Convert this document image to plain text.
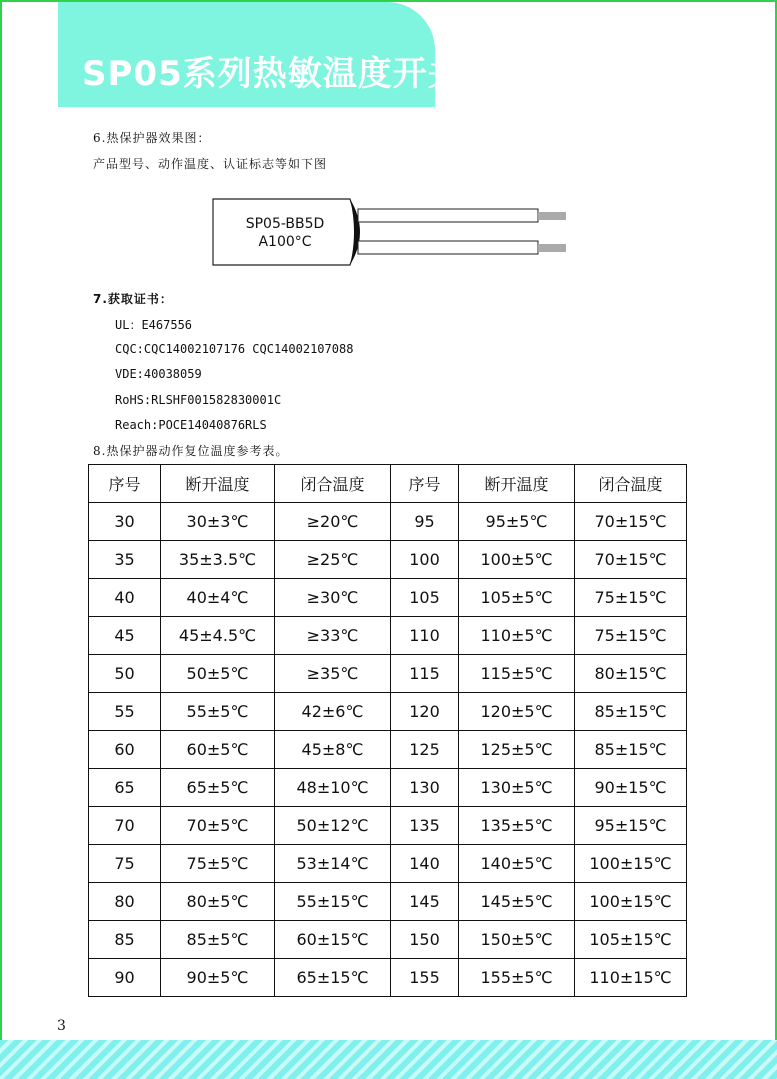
SP05系列热敏温度开关

6.热保护器效果图：

产品型号、动作温度、认证标志等如下图

SP05-BB5D
A100°C

7.获取证书：

UL：E467556

CQC:CQC14002107176 CQC14002107088

VDE:40038059

RoHS:RLSHF001582830001C

Reach:POCE14040876RLS

8.热保护器动作复位温度参考表。

序号	断开温度	闭合温度	序号	断开温度	闭合温度
30	30±3℃	≥20℃	95	95±5℃	70±15℃
35	35±3.5℃	≥25℃	100	100±5℃	70±15℃
40	40±4℃	≥30℃	105	105±5℃	75±15℃
45	45±4.5℃	≥33℃	110	110±5℃	75±15℃
50	50±5℃	≥35℃	115	115±5℃	80±15℃
55	55±5℃	42±6℃	120	120±5℃	85±15℃
60	60±5℃	45±8℃	125	125±5℃	85±15℃
65	65±5℃	48±10℃	130	130±5℃	90±15℃
70	70±5℃	50±12℃	135	135±5℃	95±15℃
75	75±5℃	53±14℃	140	140±5℃	100±15℃
80	80±5℃	55±15℃	145	145±5℃	100±15℃
85	85±5℃	60±15℃	150	150±5℃	105±15℃
90	90±5℃	65±15℃	155	155±5℃	110±15℃

3
